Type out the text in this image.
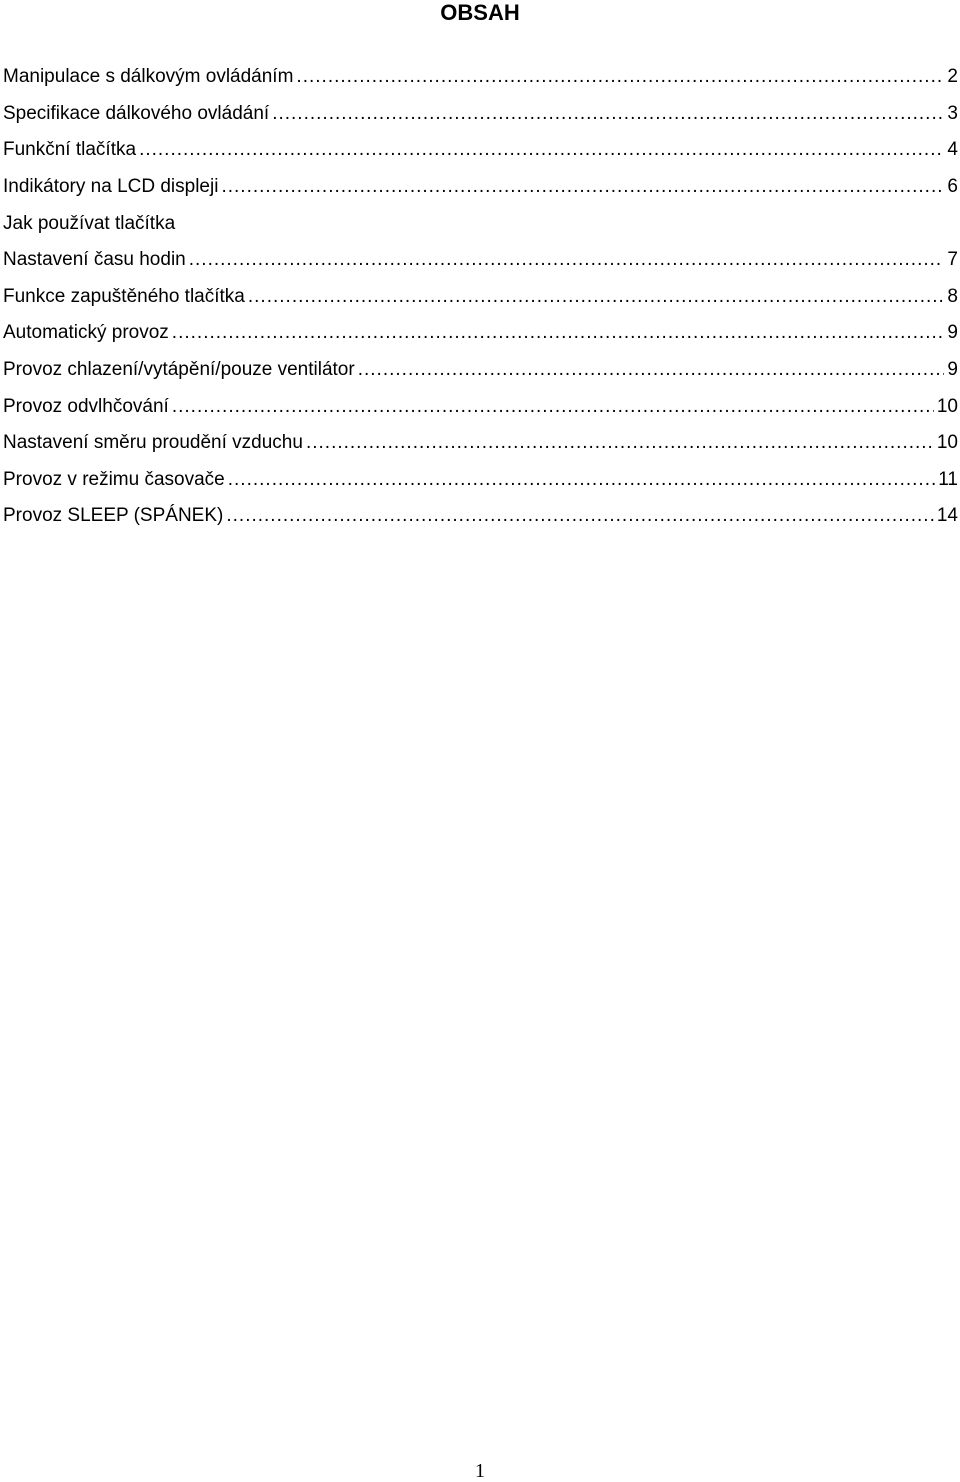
OBSAH
Manipulace s dálkovým ovládáním .....	2
Specifikace dálkového ovládání .....	3
Funkční tlačítka .....	4
Indikátory na LCD displeji .....	6
Jak používat tlačítka
Nastavení času hodin .....	7
Funkce zapuštěného tlačítka .....	8
Automatický provoz .....	9
Provoz chlazení/vytápění/pouze ventilátor .....	9
Provoz odvlhčování .....	10
Nastavení směru proudění vzduchu .....	10
Provoz v režimu časovače .....	11
Provoz SLEEP (SPÁNEK) .....	14
1
